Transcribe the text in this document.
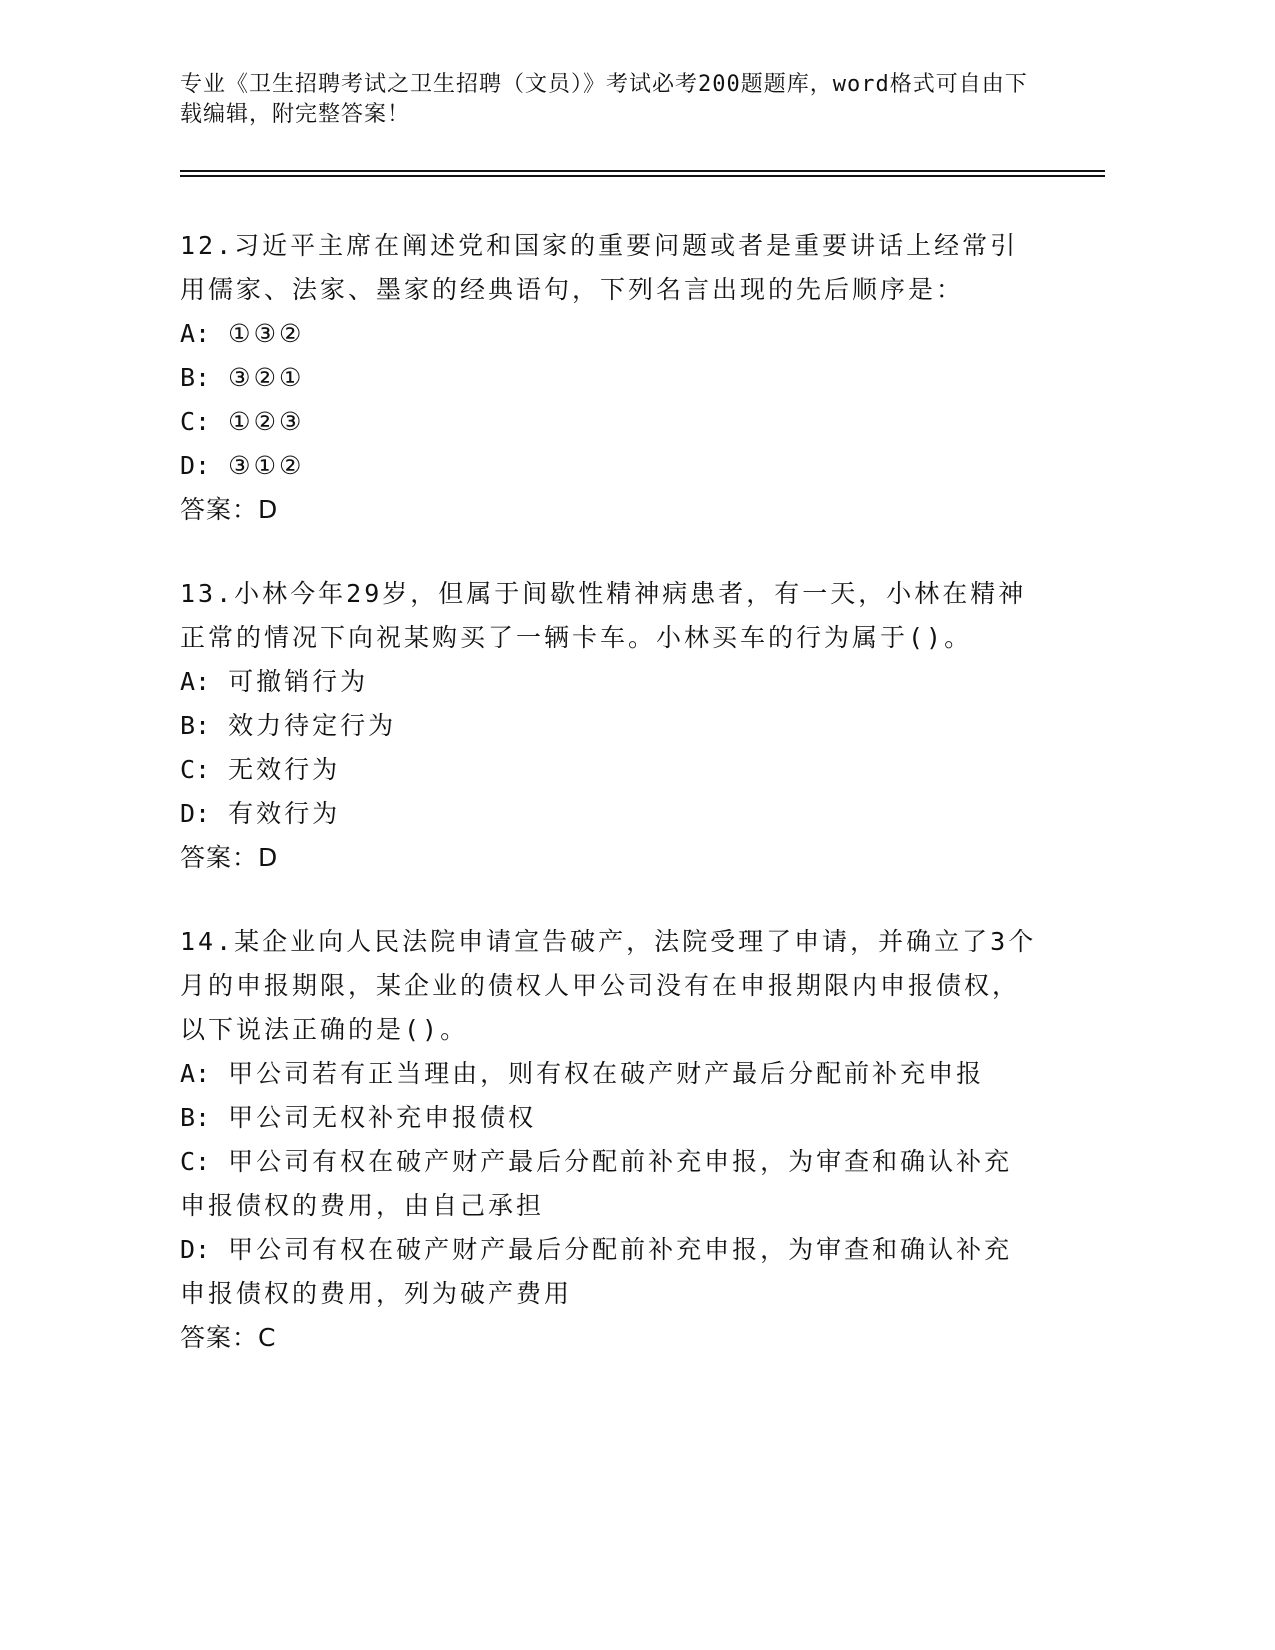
专业《卫生招聘考试之卫生招聘（文员）》考试必考200题题库，word格式可自由下载编辑，附完整答案！

12.习近平主席在阐述党和国家的重要问题或者是重要讲话上经常引用儒家、法家、墨家的经典语句，下列名言出现的先后顺序是：

A: ①③②

B: ③②①

C: ①②③

D: ③①②

答案：D

13.小林今年29岁，但属于间歇性精神病患者，有一天，小林在精神正常的情况下向祝某购买了一辆卡车。小林买车的行为属于()。

A: 可撤销行为

B: 效力待定行为

C: 无效行为

D: 有效行为

答案：D

14.某企业向人民法院申请宣告破产，法院受理了申请，并确立了3个月的申报期限，某企业的债权人甲公司没有在申报期限内申报债权，以下说法正确的是()。

A: 甲公司若有正当理由，则有权在破产财产最后分配前补充申报

B: 甲公司无权补充申报债权

C: 甲公司有权在破产财产最后分配前补充申报，为审查和确认补充申报债权的费用，由自己承担

D: 甲公司有权在破产财产最后分配前补充申报，为审查和确认补充申报债权的费用，列为破产费用

答案：C
